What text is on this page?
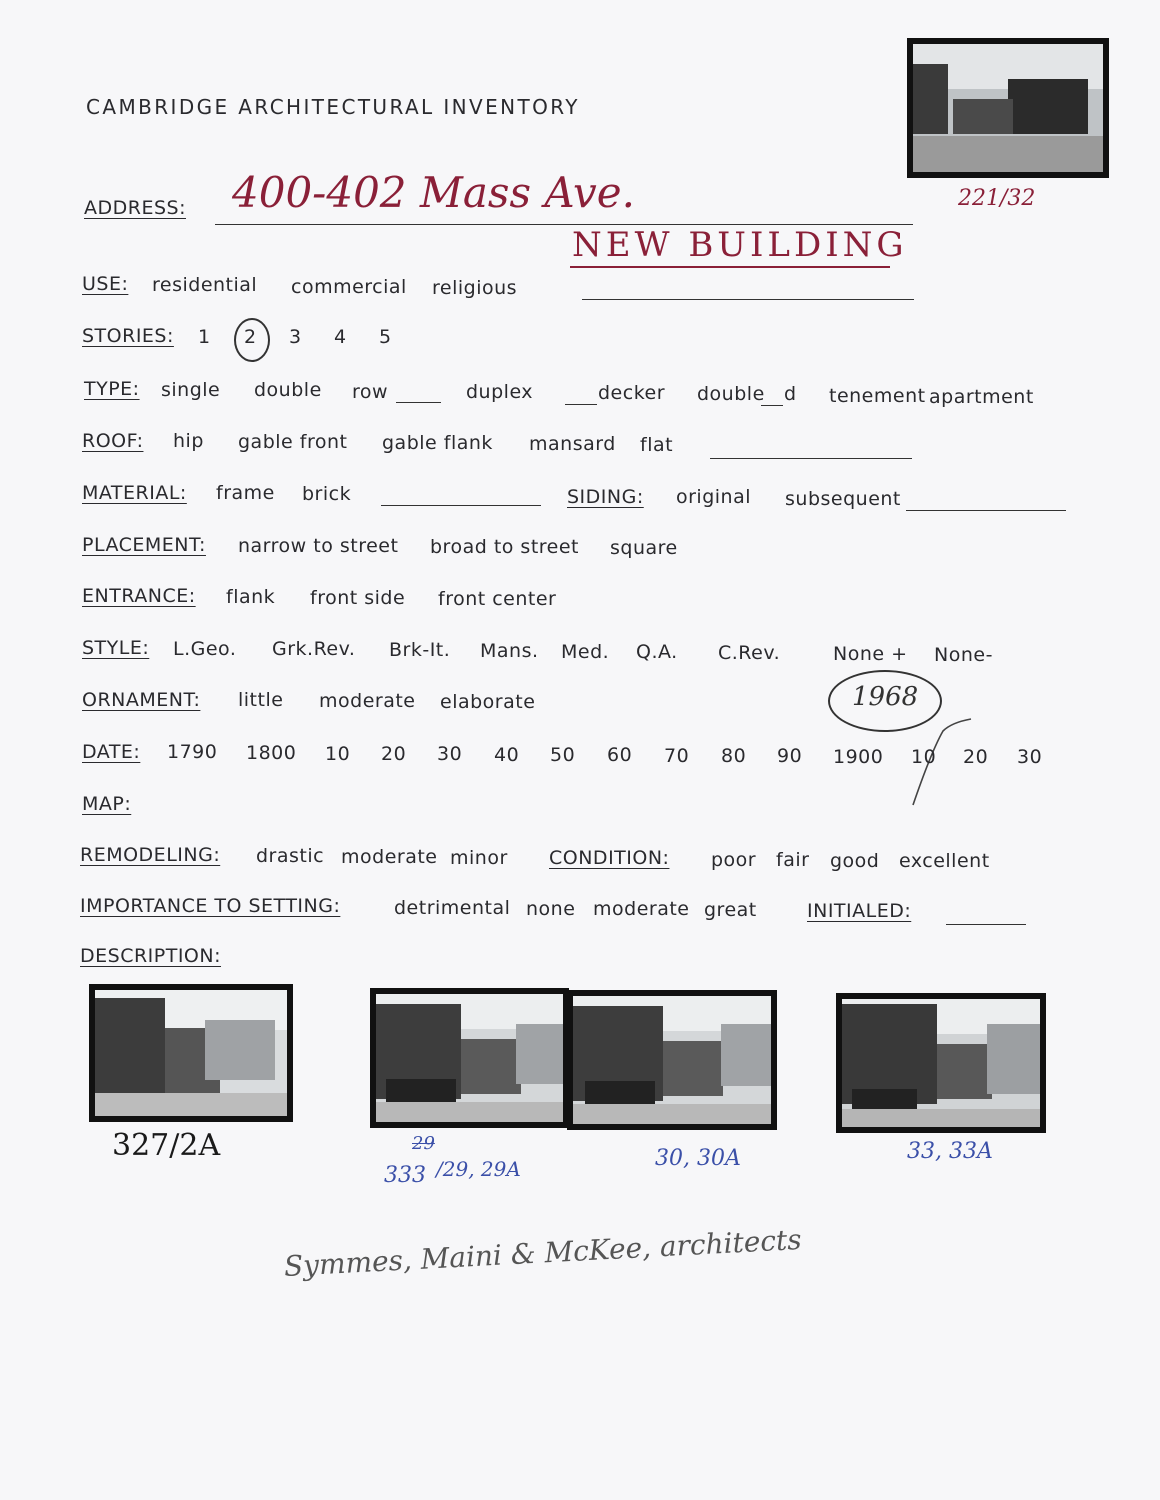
CAMBRIDGE ARCHITECTURAL INVENTORY
221/32
ADDRESS: 400-402 Mass Ave.
NEW BUILDING
USE: residential commercial religious
STORIES: 1 2 3 4 5
TYPE: single double row	duplex	decker double d tenement apartment
ROOF: hip gable front gable flank mansard flat
MATERIAL: frame brick	SIDING: original subsequent
PLACEMENT: narrow to street broad to street square
ENTRANCE: flank front side front center
STYLE: L.Geo. Grk.Rev. Brk-It. Mans. Med. Q.A. C.Rev.	None + None-
ORNAMENT: little moderate elaborate	1968
DATE: 1790 1800 10 20 30 40 50 60 70 80 90 1900 10 20 30
MAP:
REMODELING: drastic moderate minor CONDITION: poor fair good excellent
IMPORTANCE TO SETTING:	detrimental none moderate great	INITIALED:
DESCRIPTION:
327/2A	29
333 /29, 29A	30, 30A	33, 33A
Symmes, Maini & McKee, architects
